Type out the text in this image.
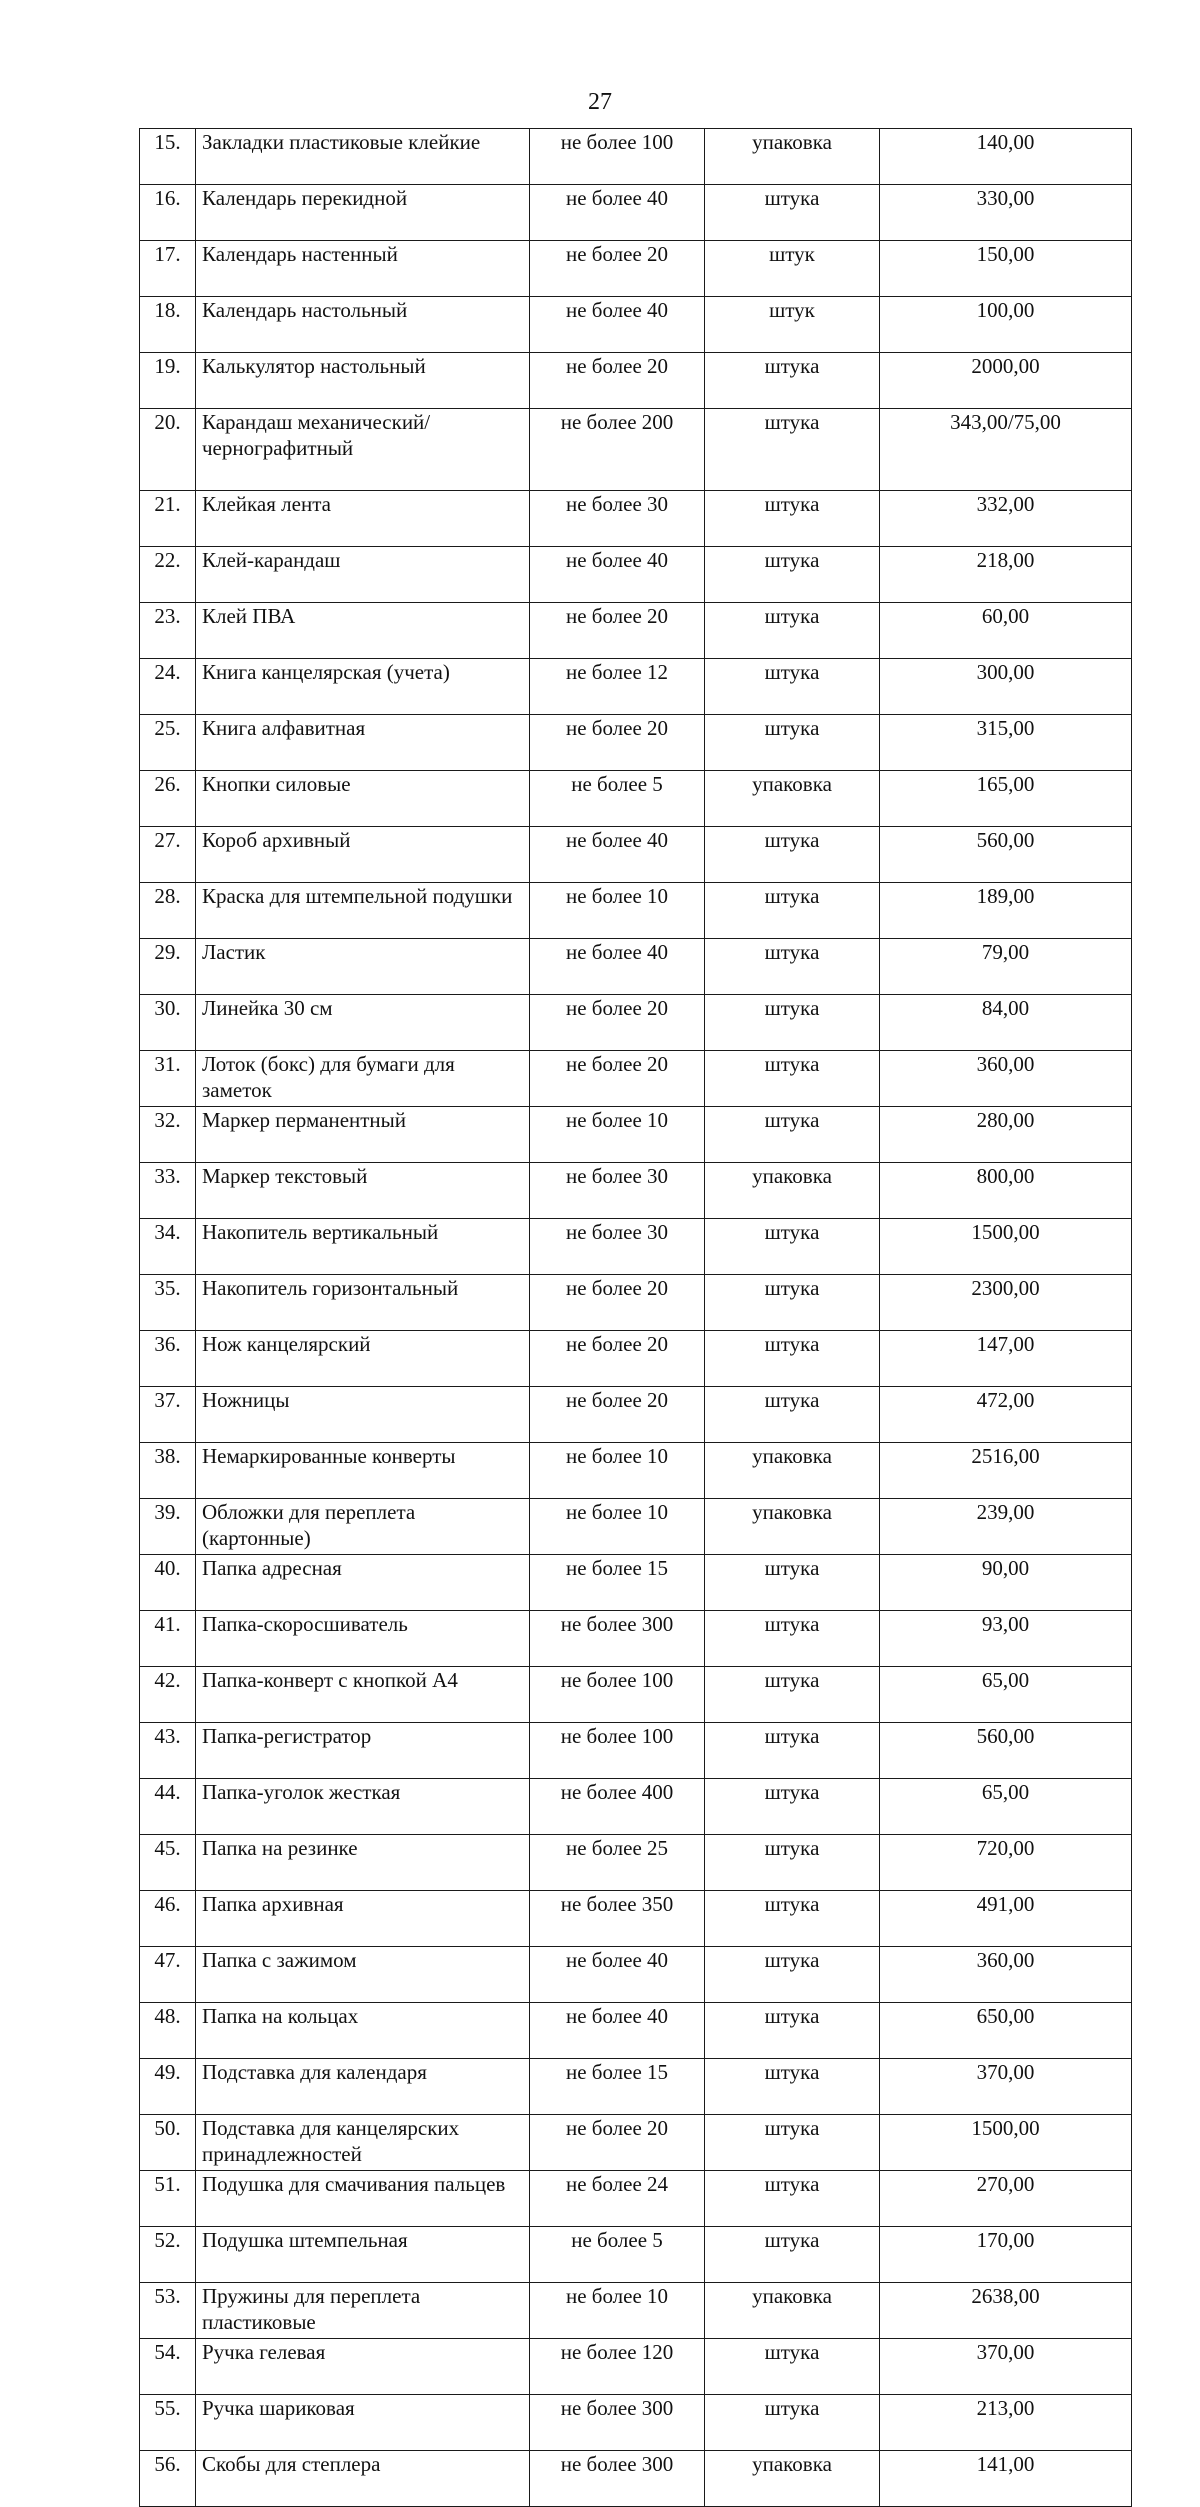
27
15.	Закладки пластиковые клейкие	не более 100	упаковка	140,00
16.	Календарь перекидной	не более 40	штука	330,00
17.	Календарь настенный	не более 20	штук	150,00
18.	Календарь настольный	не более 40	штук	100,00
19.	Калькулятор настольный	не более 20	штука	2000,00
20.	Карандаш механический/чернографитный	не более 200	штука	343,00/75,00
21.	Клейкая лента	не более 30	штука	332,00
22.	Клей-карандаш	не более 40	штука	218,00
23.	Клей ПВА	не более 20	штука	60,00
24.	Книга канцелярская (учета)	не более 12	штука	300,00
25.	Книга алфавитная	не более 20	штука	315,00
26.	Кнопки силовые	не более 5	упаковка	165,00
27.	Короб архивный	не более 40	штука	560,00
28.	Краска для штемпельной подушки	не более 10	штука	189,00
29.	Ластик	не более 40	штука	79,00
30.	Линейка 30 см	не более 20	штука	84,00
31.	Лоток (бокс) для бумаги для заметок	не более 20	штука	360,00
32.	Маркер перманентный	не более 10	штука	280,00
33.	Маркер текстовый	не более 30	упаковка	800,00
34.	Накопитель вертикальный	не более 30	штука	1500,00
35.	Накопитель горизонтальный	не более 20	штука	2300,00
36.	Нож канцелярский	не более 20	штука	147,00
37.	Ножницы	не более 20	штука	472,00
38.	Немаркированные конверты	не более 10	упаковка	2516,00
39.	Обложки для переплета (картонные)	не более 10	упаковка	239,00
40.	Папка адресная	не более 15	штука	90,00
41.	Папка-скоросшиватель	не более 300	штука	93,00
42.	Папка-конверт с кнопкой А4	не более 100	штука	65,00
43.	Папка-регистратор	не более 100	штука	560,00
44.	Папка-уголок жесткая	не более 400	штука	65,00
45.	Папка на резинке	не более 25	штука	720,00
46.	Папка архивная	не более 350	штука	491,00
47.	Папка с зажимом	не более 40	штука	360,00
48.	Папка на кольцах	не более 40	штука	650,00
49.	Подставка для календаря	не более 15	штука	370,00
50.	Подставка для канцелярских принадлежностей	не более 20	штука	1500,00
51.	Подушка для смачивания пальцев	не более 24	штука	270,00
52.	Подушка штемпельная	не более 5	штука	170,00
53.	Пружины для переплета пластиковые	не более 10	упаковка	2638,00
54.	Ручка гелевая	не более 120	штука	370,00
55.	Ручка шариковая	не более 300	штука	213,00
56.	Скобы для степлера	не более 300	упаковка	141,00
